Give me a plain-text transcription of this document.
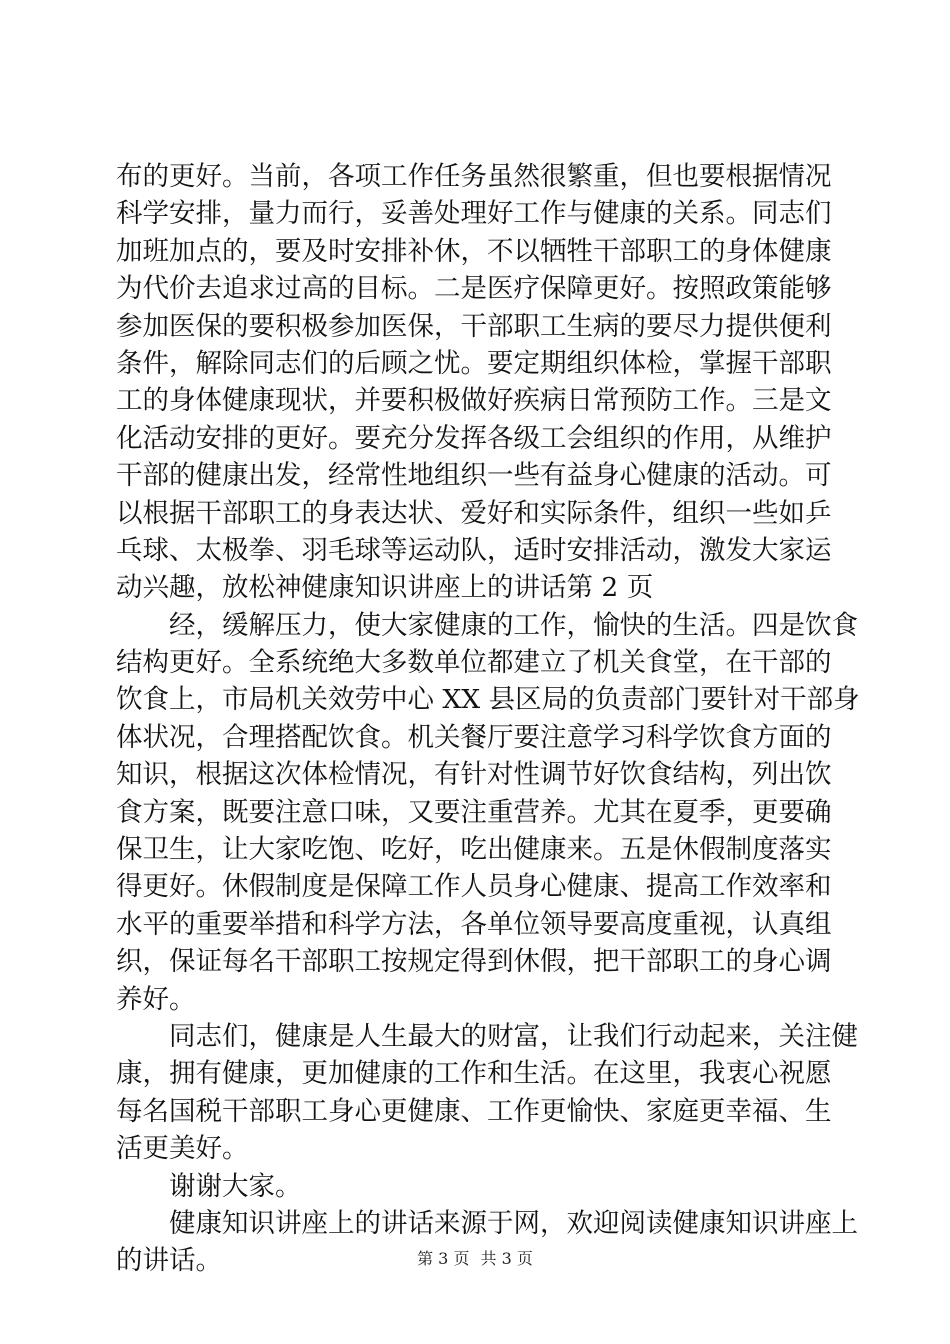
布的更好。当前，各项工作任务虽然很繁重，但也要根据情况
科学安排，量力而行，妥善处理好工作与健康的关系。同志们
加班加点的，要及时安排补休，不以牺牲干部职工的身体健康
为代价去追求过高的目标。二是医疗保障更好。按照政策能够
参加医保的要积极参加医保，干部职工生病的要尽力提供便利
条件，解除同志们的后顾之忧。要定期组织体检，掌握干部职
工的身体健康现状，并要积极做好疾病日常预防工作。三是文
化活动安排的更好。要充分发挥各级工会组织的作用，从维护
干部的健康出发，经常性地组织一些有益身心健康的活动。可
以根据干部职工的身表达状、爱好和实际条件，组织一些如乒
乓球、太极拳、羽毛球等运动队，适时安排活动，激发大家运
动兴趣，放松神健康知识讲座上的讲话第 2 页
经，缓解压力，使大家健康的工作，愉快的生活。四是饮食
结构更好。全系统绝大多数单位都建立了机关食堂，在干部的
饮食上，市局机关效劳中心 XX 县区局的负责部门要针对干部身
体状况，合理搭配饮食。机关餐厅要注意学习科学饮食方面的
知识，根据这次体检情况，有针对性调节好饮食结构，列出饮
食方案，既要注意口味，又要注重营养。尤其在夏季，更要确
保卫生，让大家吃饱、吃好，吃出健康来。五是休假制度落实
得更好。休假制度是保障工作人员身心健康、提高工作效率和
水平的重要举措和科学方法，各单位领导要高度重视，认真组
织，保证每名干部职工按规定得到休假，把干部职工的身心调
养好。
同志们，健康是人生最大的财富，让我们行动起来，关注健
康，拥有健康，更加健康的工作和生活。在这里，我衷心祝愿
每名国税干部职工身心更健康、工作更愉快、家庭更幸福、生
活更美好。
谢谢大家。
健康知识讲座上的讲话来源于网，欢迎阅读健康知识讲座上
的讲话。	第 3 页 共 3 页
